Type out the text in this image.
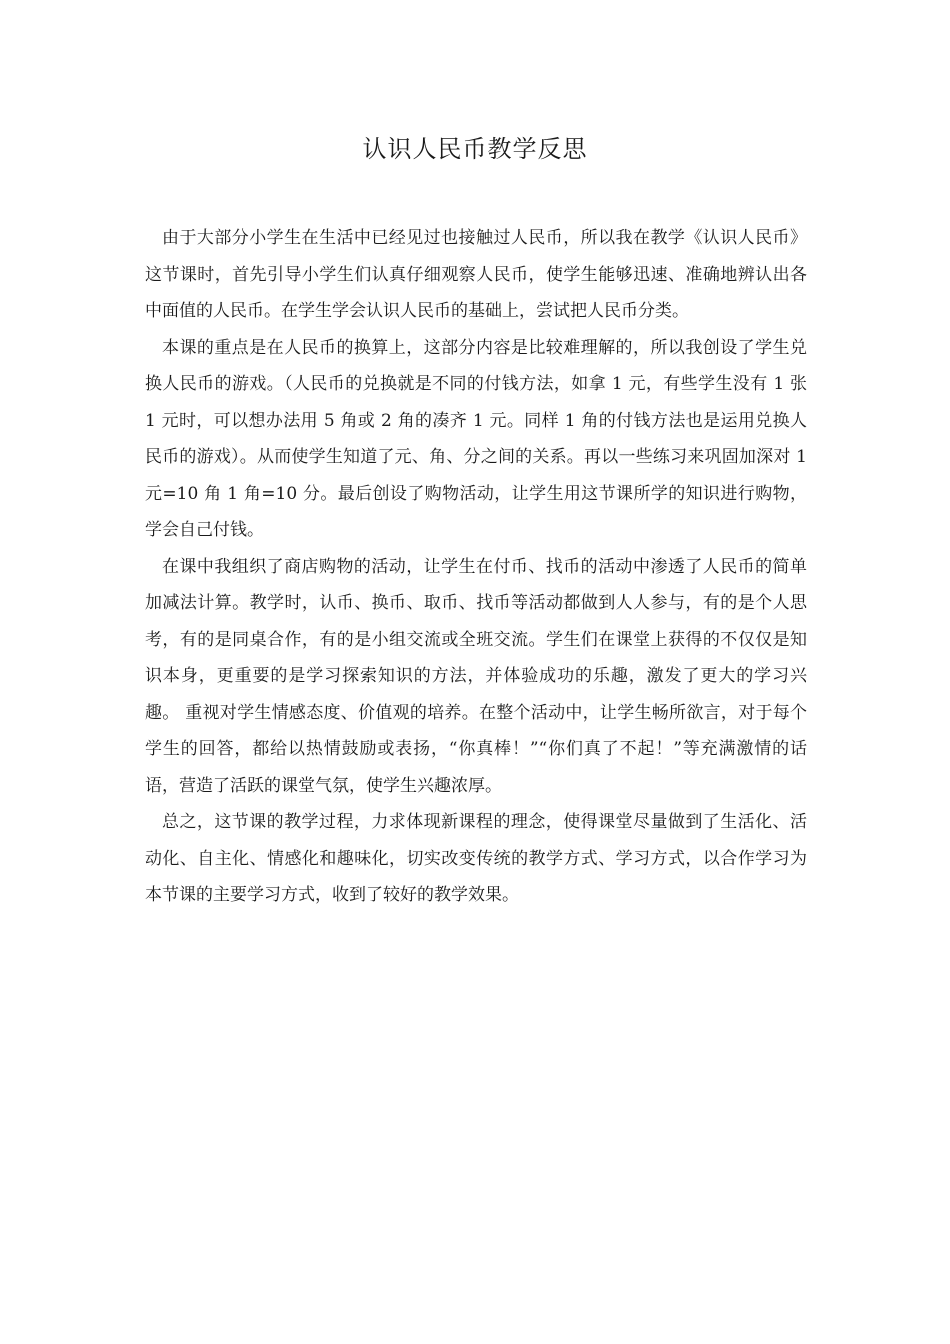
认识人民币教学反思

由于大部分小学生在生活中已经见过也接触过人民币，所以我在教学《认识人民币》这节课时，首先引导小学生们认真仔细观察人民币，使学生能够迅速、准确地辨认出各中面值的人民币。在学生学会认识人民币的基础上，尝试把人民币分类。

本课的重点是在人民币的换算上，这部分内容是比较难理解的，所以我创设了学生兑换人民币的游戏。（人民币的兑换就是不同的付钱方法，如拿 1 元，有些学生没有 1 张 1 元时，可以想办法用 5 角或 2 角的凑齐 1 元。同样 1 角的付钱方法也是运用兑换人民币的游戏）。从而使学生知道了元、角、分之间的关系。再以一些练习来巩固加深对 1 元=10 角 1 角=10 分。最后创设了购物活动，让学生用这节课所学的知识进行购物，学会自己付钱。

在课中我组织了商店购物的活动，让学生在付币、找币的活动中渗透了人民币的简单加减法计算。教学时，认币、换币、取币、找币等活动都做到人人参与，有的是个人思考，有的是同桌合作，有的是小组交流或全班交流。学生们在课堂上获得的不仅仅是知识本身，更重要的是学习探索知识的方法，并体验成功的乐趣，激发了更大的学习兴趣。 重视对学生情感态度、价值观的培养。在整个活动中，让学生畅所欲言，对于每个学生的回答，都给以热情鼓励或表扬，“你真棒！”“你们真了不起！”等充满激情的话语，营造了活跃的课堂气氛，使学生兴趣浓厚。

总之，这节课的教学过程，力求体现新课程的理念，使得课堂尽量做到了生活化、活动化、自主化、情感化和趣味化，切实改变传统的教学方式、学习方式，以合作学习为本节课的主要学习方式，收到了较好的教学效果。
